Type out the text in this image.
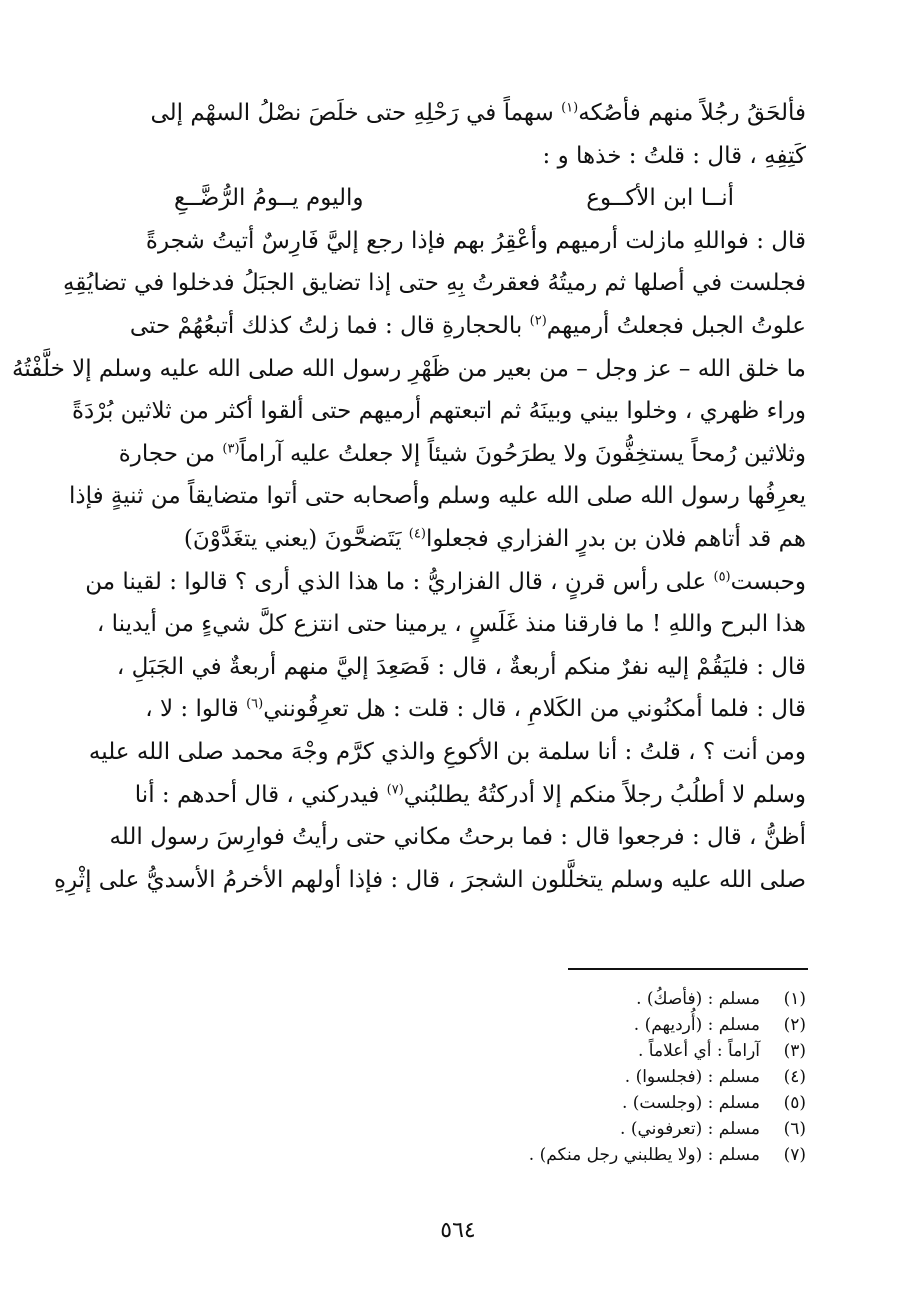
فألحَقُ رجُلاً منهم فأصُكه$^{(١)}$ سهماً في رَحْلِهِ حتى خلَصَ نصْلُ السهْم إلى
كَتِفِهِ ، قال : قلتُ : خذها و :
أنــا ابن الأكــوع
واليوم يــومُ الرُّضَّــعِ
قال : فواللهِ مازلت أرميهم وأعْقِرُ بهم فإذا رجع إليَّ فَارِسٌ أتيتُ شجرةً
فجلست في أصلها ثم رميتُهُ فعقرتُ بِهِ حتى إذا تضايق الجبَلُ فدخلوا في تضايُقِهِ
علوتُ الجبل فجعلتُ أرميهم$^{(٢)}$ بالحجارةِ قال : فما زلتُ كذلك أتبعُهُمْ حتى
ما خلق الله – عز وجل – من بعير من ظَهْرِ رسول الله صلى الله عليه وسلم إلا خلَّفْتُهُ
وراء ظهري ، وخلوا بيني وبينَهُ ثم اتبعتهم أرميهم حتى ألقوا أكثر من ثلاثين بُرْدَةً
وثلاثين رُمحاً يستخِفُّونَ ولا يطرَحُونَ شيئاً إلا جعلتُ عليه آراماً$^{(٣)}$ من حجارة
يعرِفُها رسول الله صلى الله عليه وسلم وأصحابه حتى أتوا متضايقاً من ثنيةٍ فإذا
هم قد أتاهم فلان بن بدرٍ الفزاري فجعلوا$^{(٤)}$ يَتَضحَّونَ (يعني يتغَدَّوْنَ)
وحبست$^{(٥)}$ على رأس قرنٍ ، قال الفزاريُّ : ما هذا الذي أرى ؟ قالوا : لقينا من
هذا البرح واللهِ ! ما فارقنا منذ غَلَسٍ ، يرمينا حتى انتزع كلَّ شيءٍ من أيدينا ،
قال : فليَقُمْ إليه نفرٌ منكم أربعةٌ ، قال : فَصَعِدَ إليَّ منهم أربعةٌ في الجَبَلِ ،
قال : فلما أمكنُوني من الكَلامِ ، قال : قلت : هل تعرِفُونني$^{(٦)}$ قالوا : لا ،
ومن أنت ؟ ، قلتُ : أنا سلمة بن الأكوعِ والذي كرَّم وجْهَ محمد صلى الله عليه
وسلم لا أطلُبُ رجلاً منكم إلا أدركتُهُ يطلبُني$^{(٧)}$ فيدركني ، قال أحدهم : أنا
أظنُّ ، قال : فرجعوا قال : فما برحتُ مكاني حتى رأيتُ فوارِسَ رسول الله
صلى الله عليه وسلم يتخلَّلون الشجرَ ، قال : فإذا أولهم الأخرمُ الأسديُّ على إثْرِهِ

(١)
مسلم : (فأصكُ) .
(٢)
مسلم : (أُرديهم) .
(٣)
آراماً : أي أعلاماً .
(٤)
مسلم : (فجلسوا) .
(٥)
مسلم : (وجلست) .
(٦)
مسلم : (تعرفوني) .
(٧)
مسلم : (ولا يطلبني رجل منكم) .
٥٦٤
